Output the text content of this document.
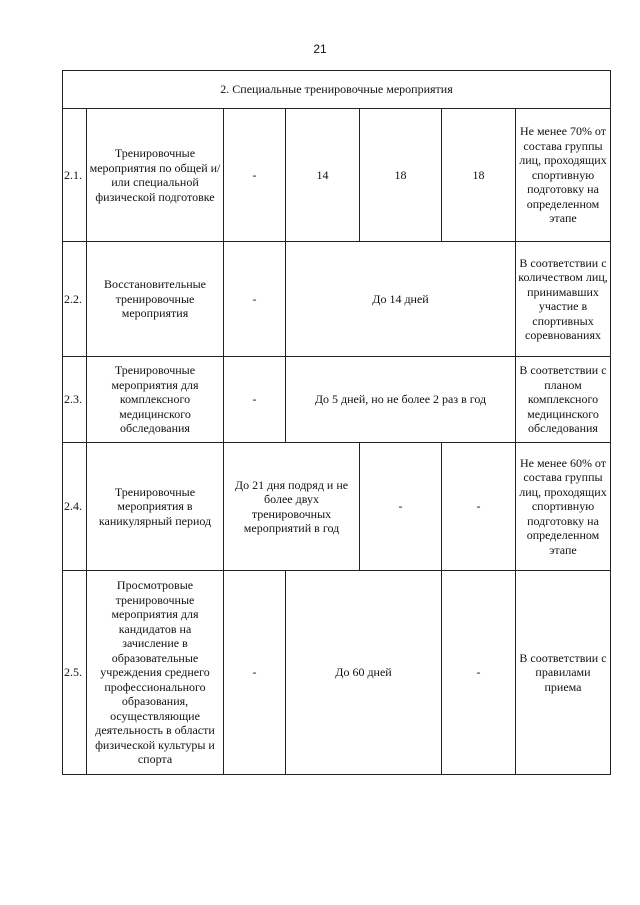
21
2. Специальные тренировочные мероприятия						
2.1.	Тренировочные мероприятия по общей и/или специальной физической подготовке	-	14	18	18	Не менее 70% от состава группы лиц, проходящих спортивную подготовку на определенном этапе
2.2.	Восстановительные тренировочные мероприятия	-	До 14 дней			В соответствии с количеством лиц, принимавших участие в спортивных соревнованиях
2.3.	Тренировочные мероприятия для комплексного медицинского обследования	-	До 5 дней, но не более 2 раз в год			В соответствии с планом комплексного медицинского обследования
2.4.	Тренировочные мероприятия в каникулярный период	До 21 дня подряд и не более двух тренировочных мероприятий в год		-	-	Не менее 60% от состава группы лиц, проходящих спортивную подготовку на определенном этапе
2.5.	Просмотровые тренировочные мероприятия для кандидатов на зачисление в образовательные учреждения среднего профессионального образования, осуществляющие деятельность в области физической культуры и спорта	-	До 60 дней		-	В соответствии с правилами приема
